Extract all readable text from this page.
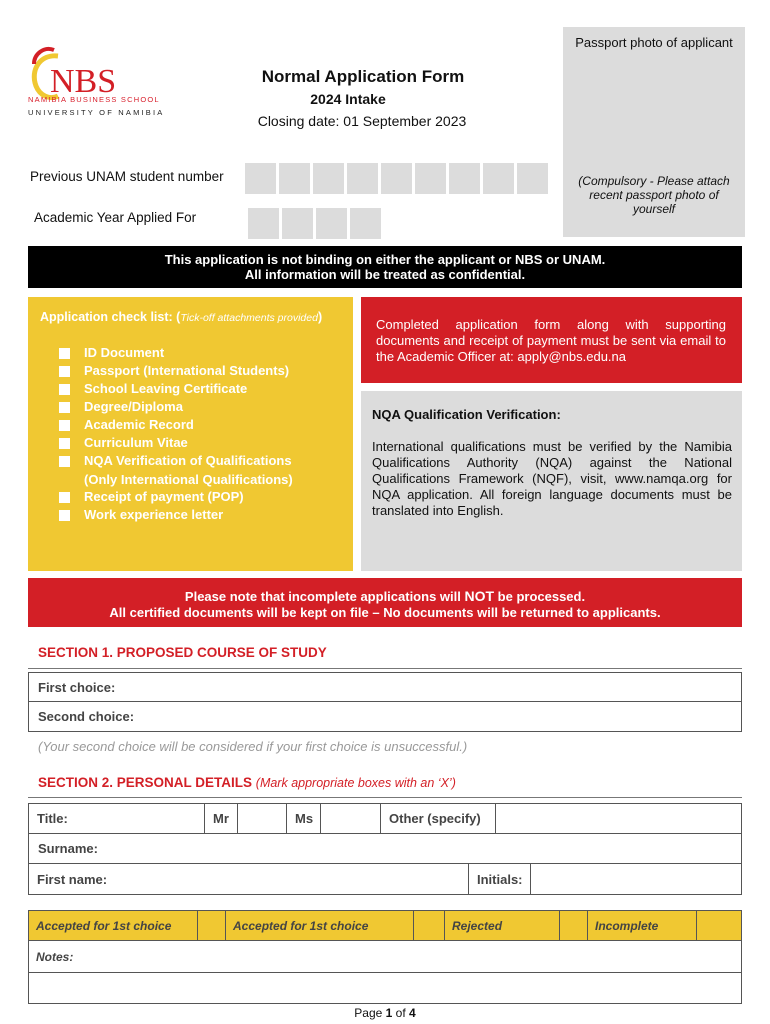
NBS
NAMIBIA BUSINESS SCHOOL
UNIVERSITY OF NAMIBIA
Normal Application Form
2024 Intake
Closing date: 01 September 2023
Passport photo of applicant
(Compulsory - Please attach recent passport photo of yourself
Previous UNAM student number
Academic Year Applied For
This application is not binding on either the applicant or NBS or UNAM.
All information will be treated as confidential.
Application check list: (Tick-off attachments provided)
ID Document
Passport (International Students)
School Leaving Certificate
Degree/Diploma
Academic Record
Curriculum Vitae
NQA Verification of Qualifications
(Only International Qualifications)
Receipt of payment (POP)
Work experience letter
Completed application form along with supporting documents and receipt of payment must be sent via email to the Academic Officer at: apply@nbs.edu.na
NQA Qualification Verification:
International qualifications must be verified by the Namibia Qualifications Authority (NQA) against the National Qualifications Framework (NQF), visit, www.namqa.org for NQA application. All foreign language documents must be translated into English.
Please note that incomplete applications will NOT be processed.
All certified documents will be kept on file – No documents will be returned to applicants.
SECTION 1. PROPOSED COURSE OF STUDY
First choice:
Second choice:
(Your second choice will be considered if your first choice is unsuccessful.)
SECTION 2. PERSONAL DETAILS (Mark appropriate boxes with an ‘X’)
Title:	Mr		Ms		Other (specify)	
Surname:
First name:	Initials:	
Accepted for 1st choice		Accepted for 1st choice		Rejected		Incomplete	
Notes:

Page 1 of 4
